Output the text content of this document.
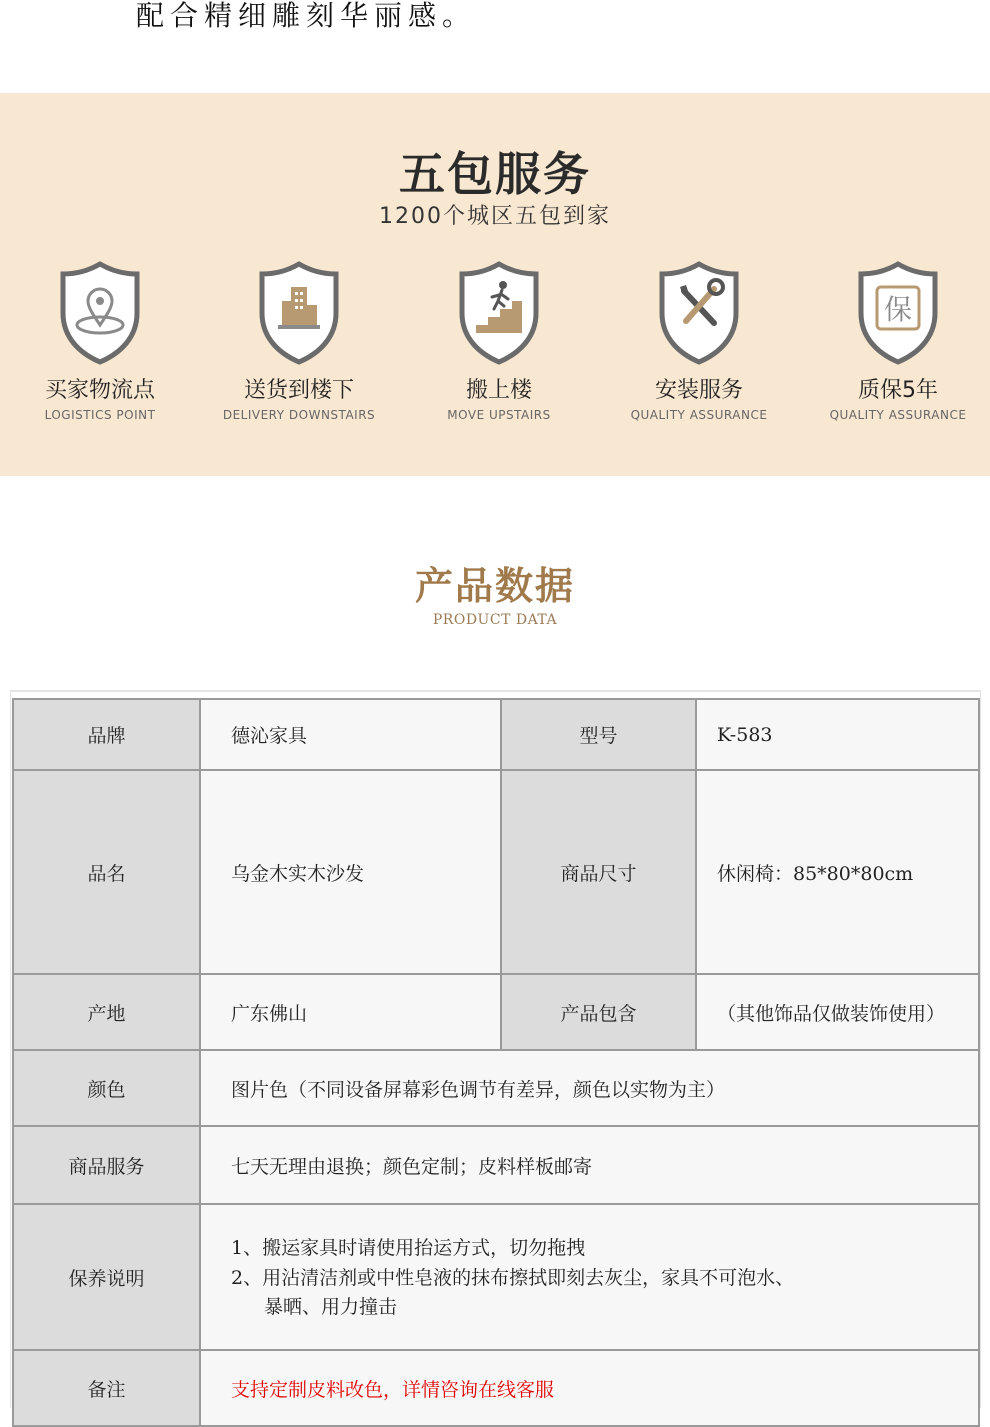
配合精细雕刻华丽感。
五包服务
1200个城区五包到家
买家物流点
LOGISTICS POINT
送货到楼下
DELIVERY DOWNSTAIRS
搬上楼
MOVE UPSTAIRS
安装服务
QUALITY ASSURANCE
保
质保5年
QUALITY ASSURANCE
产品数据
PRODUCT DATA
品牌	德沁家具	型号	K-583
品名	乌金木实木沙发	商品尺寸	休闲椅：85*80*80cm
产地	广东佛山	产品包含	（其他饰品仅做装饰使用）
颜色	图片色（不同设备屏幕彩色调节有差异，颜色以实物为主）		
商品服务	七天无理由退换；颜色定制；皮料样板邮寄		
保养说明	1、搬运家具时请使用抬运方式，切勿拖拽
2、用沾清洁剂或中性皂液的抹布擦拭即刻去灰尘，家具不可泡水、
暴晒、用力撞击		

备注	支持定制皮料改色，详情咨询在线客服		
